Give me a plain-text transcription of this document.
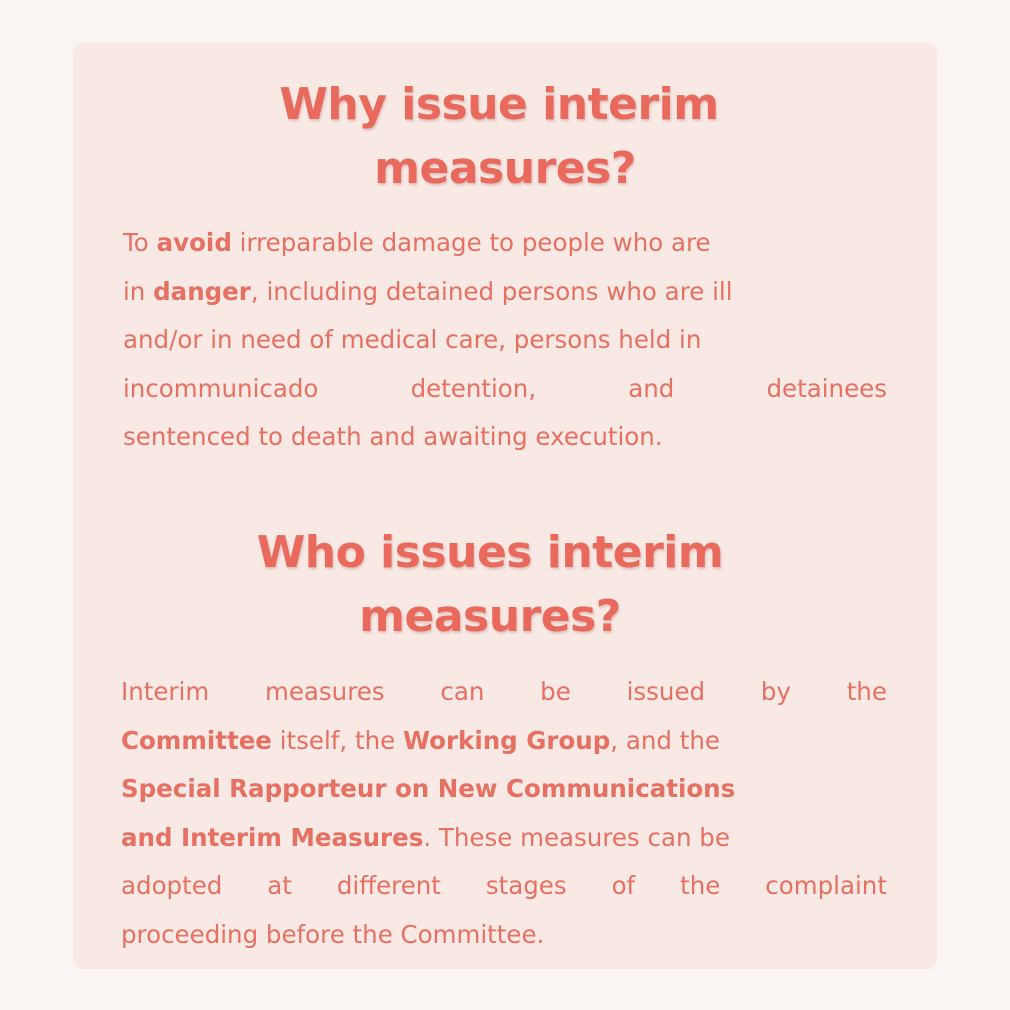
Why issue interim
measures?
To avoid irreparable damage to people who are
in danger, including detained persons who are ill
and/or in need of medical care, persons held in
incommunicado	detention,	and	detainees
sentenced to death and awaiting execution.
Who issues interim
measures?
Interim measures can be issued by the
Committee itself, the Working Group, and the
Special Rapporteur on New Communications
and Interim Measures. These measures can be
adopted at different stages of the complaint
proceeding before the Committee.
